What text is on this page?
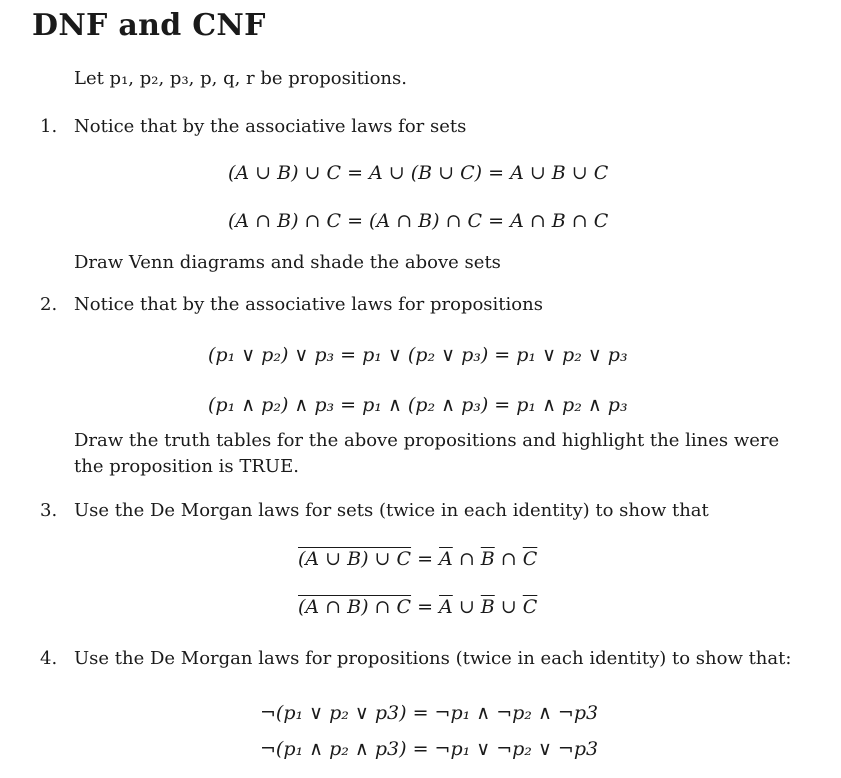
DNF and CNF
Let p₁, p₂, p₃, p, q, r be propositions.
1. Notice that by the associative laws for sets
(A ∪ B) ∪ C = A ∪ (B ∪ C) = A ∪ B ∪ C
(A ∩ B) ∩ C = (A ∩ B) ∩ C = A ∩ B ∩ C
Draw Venn diagrams and shade the above sets
2. Notice that by the associative laws for propositions
(p₁ ∨ p₂) ∨ p₃ = p₁ ∨ (p₂ ∨ p₃) = p₁ ∨ p₂ ∨ p₃
(p₁ ∧ p₂) ∧ p₃ = p₁ ∧ (p₂ ∧ p₃) = p₁ ∧ p₂ ∧ p₃
Draw the truth tables for the above propositions and highlight the lines were the proposition is TRUE.
3. Use the De Morgan laws for sets (twice in each identity) to show that
(A ∪ B) ∪ $C = \overline{A}$ ∩ $\overline{B}$ ∩ $\overline{C}$
(A ∩ B) ∩ $C = \overline{A}$ ∪ $\overline{B}$ ∪ $\overline{C}$
4. Use the De Morgan laws for propositions (twice in each identity) to show that:
¬(p₁ ∨ p₂ ∨ p3) = ¬p₁ ∧ ¬p₂ ∧ ¬p3
¬(p₁ ∧ p₂ ∧ p3) = ¬p₁ ∨ ¬p₂ ∨ ¬p3
